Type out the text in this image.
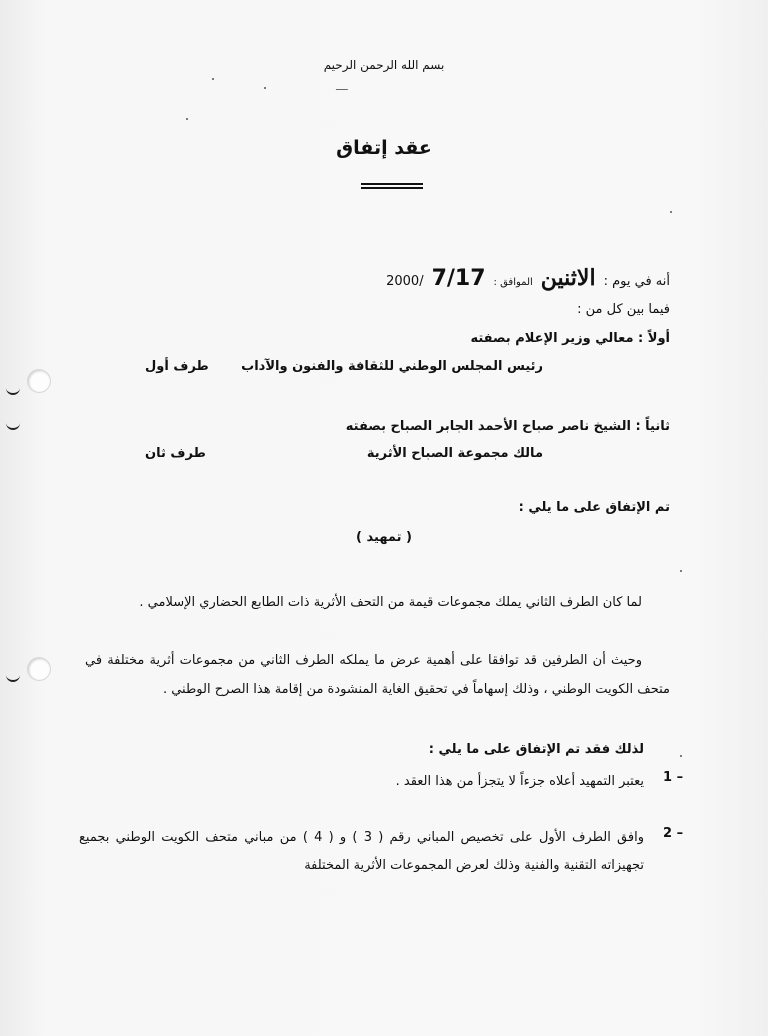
بسم الله الرحمن الرحيم
ـــــ
عقد إتفاق
أنه في يوم :
الاثنين
الموافق :
7/17
2000/
فيما بين كل من :
أولاً : معالي وزير الإعلام بصفته
رئيس المجلس الوطني للثقافة والفنون والآداب
طرف أول
ثانياً : الشيخ ناصر صباح الأحمد الجابر الصباح بصفته
مالك مجموعة الصباح الأثرية
طرف ثان
تم الإتفاق على ما يلي :
( تمهيد )
لما كان الطرف الثاني يملك مجموعات قيمة من التحف الأثرية ذات الطابع الحضاري الإسلامي .
وحيث أن الطرفين قد توافقا على أهمية عرض ما يملكه الطرف الثاني من مجموعات أثرية مختلفة في متحف الكويت الوطني ، وذلك إسهاماً في تحقيق الغاية المنشودة من إقامة هذا الصرح الوطني .
لذلك فقد تم الإتفاق على ما يلي :
1 –
يعتبر التمهيد أعلاه جزءاً لا يتجزأ من هذا العقد .
2 –
وافق الطرف الأول على تخصيص المباني رقم ( 3 ) و ( 4 ) من مباني متحف الكويت الوطني بجميع تجهيزاته التقنية والفنية وذلك لعرض المجموعات الأثرية المختلفة
